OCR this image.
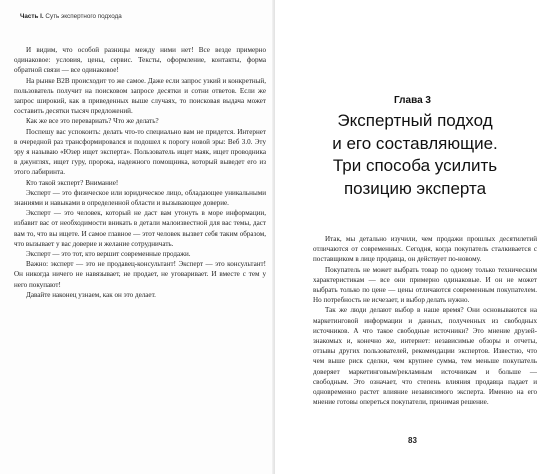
Часть I. Суть экспертного подхода

И видим, что особой разницы между ними нет! Все везде примерно одинаковое: условия, цены, сервис. Тексты, оформление, контакты, форма обратной связи — все одинаковое!

На рынке B2B происходит то же самое. Даже если запрос узкий и конкретный, пользователь получит на поисковом запросе десятки и сотни ответов. Если же запрос широкий, как в приведенных выше случаях, то поисковая выдача может составить десятки тысяч предложений.

Как же все это перевариать? Что же делать?

Поспешу вас успокоить: делать что-то специально вам не придется. Интернет в очередной раз трансформировался и подошел к порогу новой эры: Веб 3.0. Эту эру я называю «Юзер ищет эксперта». Пользователь ищет маяк, ищет проводника в джунглях, ищет гуру, пророка, надежного помощника, который выведет его из этого лабиринта.

Кто такой эксперт? Внимание!

Эксперт — это физическое или юридическое лицо, обладающее уникальными знаниями и навыками в определенной области и вызывающее доверие.

Эксперт — это человек, который не даст вам утонуть в море информации, избавит вас от необходимости вникать в детали малоизвестной для вас темы, даст вам то, что вы ищете. И самое главное — этот человек вызвет себя таким образом, что вызывает у вас доверие и желание сотрудничать.

Эксперт — это тот, кто вершит современные продажи.

Важно: эксперт — это не продавец-консультант! Эксперт — это консультант! Он никогда ничего не навязывает, не продает, не уговаривает. И вместе с тем у него покупают!

Давайте наконец узнаем, как он это делает.

Глава 3
Экспертный подход
и его составляющие.
Три способа усилить
позицию эксперта

Итак, мы детально изучили, чем продажи прошлых десятилетий отличаются от современных. Сегодня, когда покупатель сталкивается с поставщиком в лице продавца, он действует по-новому.

Покупатель не может выбрать товар по одному только техническим характеристикам — все они примерно одинаковые. И он не может выбрать только по цене — цены отличаются современным покупателем. Но потребность не исчезает, и выбор делать нужно.

Так же люди делают выбор в наше время? Они основываются на маркетинговой информации и данных, полученных из свободных источников. А что такое свободные источники? Это мнение друзей-знакомых и, конечно же, интернет: независимые обзоры и отчеты, отзывы других пользователей, рекомендации экспертов. Известно, что чем выше риск сделки, чем крупнее сумма, тем меньше покупатель доверяет маркетинговым/рекламным источникам и больше — свободным. Это означает, что степень влияния продавца падает и одновременно растет влияние независимого эксперта. Именно на его мнение готовы опереться покупатели, принимая решение.

83
